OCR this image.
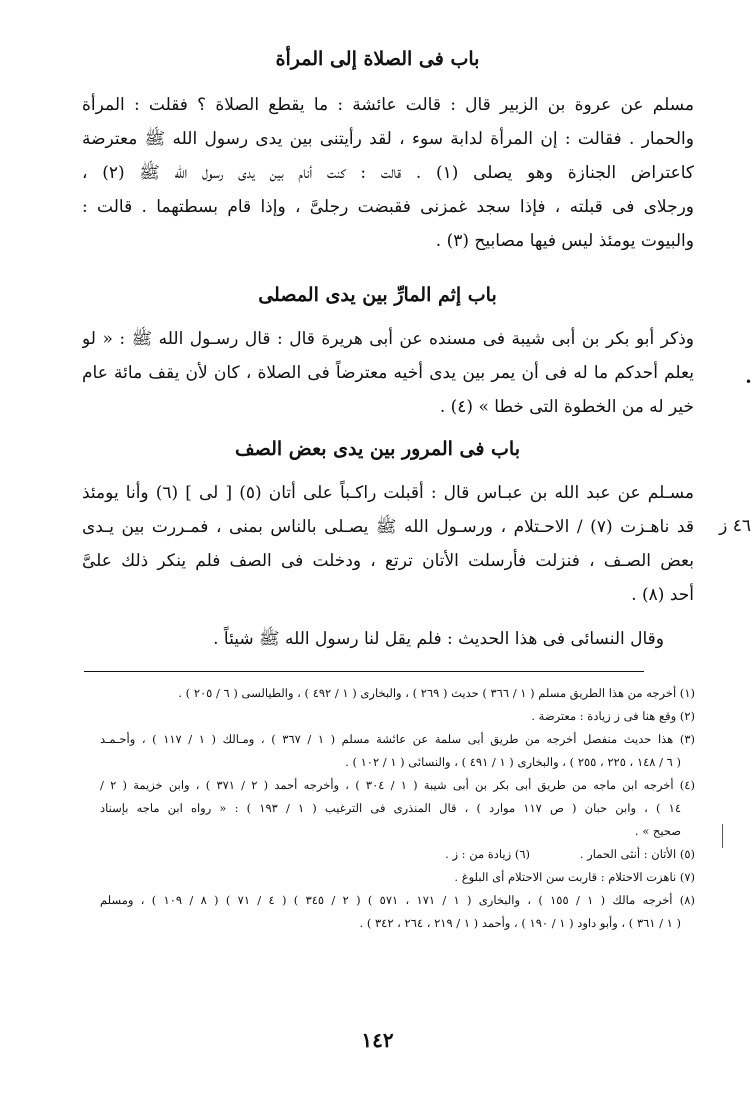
باب فى الصلاة إلى المرأة
مسلم عن عروة بن الزبير قال : قالت عائشة : ما يقطع الصلاة ؟ فقلت : المرأة
والحمار . فقالت : إن المرأة لدابة سوء ، لقد رأيتنى بين يدى رسول الله ﷺ معترضة
كاعتراض الجنازة وهو يصلى (١) . قالت : كنت أنام بين يدى رسول الله ﷺ (٢) ،
ورجلاى فى قبلته ، فإذا سجد غمزنى فقبضت رجلىَّ ، وإذا قام بسطتهما . قالت :
والبيوت يومئذ ليس فيها مصابيح (٣) .
باب إثم المارِّ بين يدى المصلى
وذكر أبو بكر بن أبى شيبة فى مسنده عن أبى هريرة قال : قال رسـول الله ﷺ : « لو
يعلم أحدكم ما له فى أن يمر بين يدى أخيه معترضاً فى الصلاة ، كان لأن يقف مائة عام
خير له من الخطوة التى خطا » (٤) .
•
باب فى المرور بين يدى بعض الصف
مسـلم عن عبد الله بن عبـاس قال : أقبلت راكـباً على أتان (٥) [ لى ] (٦) وأنا يومئذ
قد ناهـزت (٧) / الاحـتلام ، ورسـول الله ﷺ يصـلى بالناس بمنى ، فمـررت بين يـدى
بعض الصـف ، فنزلت فأرسلت الأتان ترتع ، ودخلت فى الصف فلم ينكر ذلك علىَّ
أحد (٨) .
٤٦ ز
وقال النسائى فى هذا الحديث : فلم يقل لنا رسول الله ﷺ شيئاً .
(١) أخرجه من هذا الطريق مسلم ( ١ / ٣٦٦ ) حديث ( ٢٦٩ ) ، والبخارى ( ١ / ٤٩٢ ) ، والطيالسى ( ٦ / ٢٠٥ ) .
(٢) وقع هنا فى ز زيادة : معترضة .
(٣) هذا حديث منفصل أخرجه من طريق أبى سلمة عن عائشة مسلم ( ١ / ٣٦٧ ) ، ومـالك ( ١ / ١١٧ ) ، وأحـمـد
( ٦ / ١٤٨ ، ٢٢٥ ، ٢٥٥ ) ، والبخارى ( ١ / ٤٩١ ) ، والنسائى ( ١ / ١٠٢ ) .
(٤) أخرجه ابن ماجه من طريق أبى بكر بن أبى شيبة ( ١ / ٣٠٤ ) ، وأخرجه أحمد ( ٢ / ٣٧١ ) ، وابن خزيمة ( ٢ /
١٤ ) ، وابن حبان ( ص ١١٧ موارد ) ، قال المنذرى فى الترغيب ( ١ / ١٩٣ ) : « رواه ابن ماجه بإسناد
صحيح » .
(٥) الأتان : أنثى الحمار .
(٦) زيادة من : ز .
(٧) ناهزت الاحتلام : قاربت سن الاحتلام أى البلوغ .
(٨) أخرجه مالك ( ١ / ١٥٥ ) ، والبخارى ( ١ / ١٧١ ، ٥٧١ ) ( ٢ / ٣٤٥ ) ( ٤ / ٧١ ) ( ٨ / ١٠٩ ) ، ومسلم
( ١ / ٣٦١ ) ، وأبو داود ( ١ / ١٩٠ ) ، وأحمد ( ١ / ٢١٩ ، ٢٦٤ ، ٣٤٢ ) .
١٤٢
